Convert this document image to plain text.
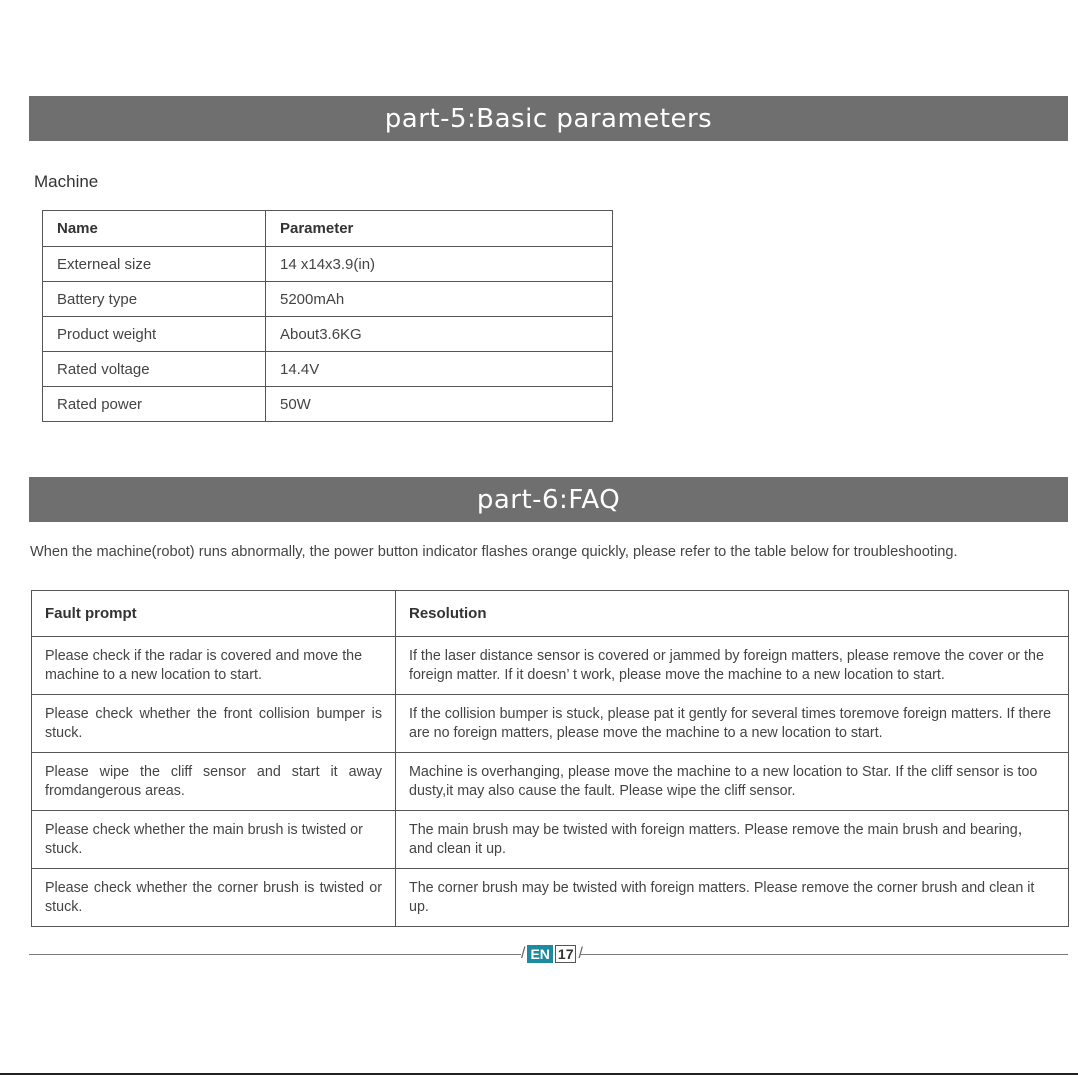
part-5:Basic parameters
Machine
Name	Parameter
Externeal size	14 x14x3.9(in)
Battery type	5200mAh
Product weight	About3.6KG
Rated voltage	14.4V
Rated power	50W
part-6:FAQ
When the machine(robot) runs abnormally, the power button indicator flashes orange quickly, please refer to the table below for troubleshooting.
Fault prompt	Resolution
Please check if the radar is covered and move the machine to a new location to start.	If the laser distance sensor is covered or jammed by foreign matters, please remove the cover or the foreign matter. If it doesn’ t work, please move the machine to a new location to start.
Please check whether the front collision bumper is stuck.	If the collision bumper is stuck, please pat it gently for several times toremove foreign matters. If there are no foreign matters, please move the machine to a new location to start.
Please wipe the cliff sensor and start it away fromdangerous areas.	Machine is overhanging, please move the machine to a new location to Star. If the cliff sensor is too dusty,it may also cause the fault. Please wipe the cliff sensor.
Please check whether the main brush is twisted or stuck.	The main brush may be twisted with foreign matters. Please remove the main brush and bearing，and clean it up.
Please check whether the corner brush is twisted or stuck.	The corner brush may be twisted with foreign matters. Please remove the corner brush and clean it up.
/ EN 17
